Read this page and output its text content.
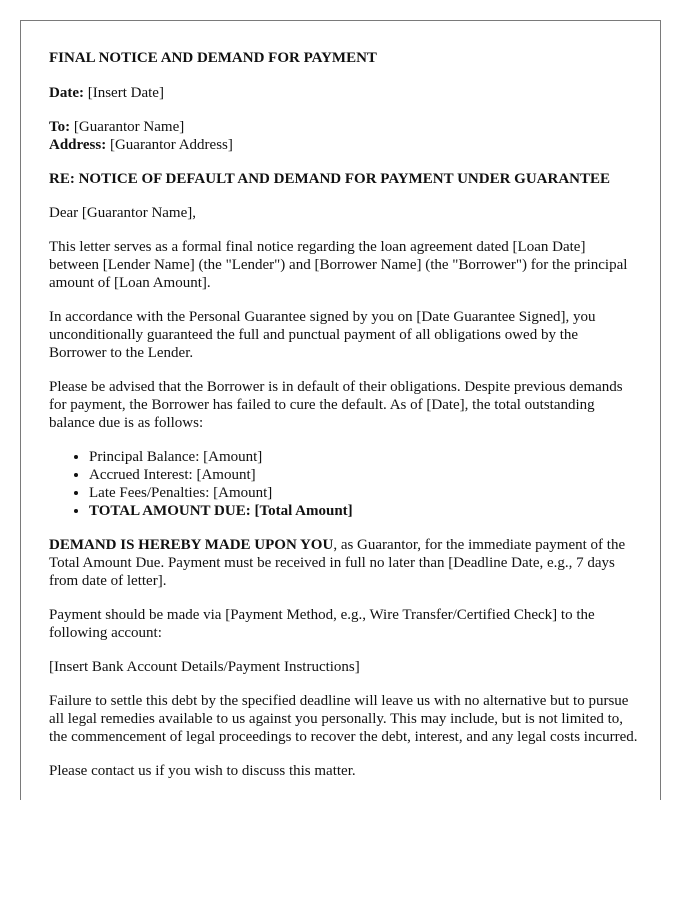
FINAL NOTICE AND DEMAND FOR PAYMENT

Date: [Insert Date]

To: [Guarantor Name]
Address: [Guarantor Address]

RE: NOTICE OF DEFAULT AND DEMAND FOR PAYMENT UNDER GUARANTEE

Dear [Guarantor Name],

This letter serves as a formal final notice regarding the loan agreement dated [Loan Date] between [Lender Name] (the "Lender") and [Borrower Name] (the "Borrower") for the principal amount of [Loan Amount].

In accordance with the Personal Guarantee signed by you on [Date Guarantee Signed], you unconditionally guaranteed the full and punctual payment of all obligations owed by the Borrower to the Lender.

Please be advised that the Borrower is in default of their obligations. Despite previous demands for payment, the Borrower has failed to cure the default. As of [Date], the total outstanding balance due is as follows:

• Principal Balance: [Amount]
• Accrued Interest: [Amount]
• Late Fees/Penalties: [Amount]
• TOTAL AMOUNT DUE: [Total Amount]

DEMAND IS HEREBY MADE UPON YOU, as Guarantor, for the immediate payment of the Total Amount Due. Payment must be received in full no later than [Deadline Date, e.g., 7 days from date of letter].

Payment should be made via [Payment Method, e.g., Wire Transfer/Certified Check] to the following account:

[Insert Bank Account Details/Payment Instructions]

Failure to settle this debt by the specified deadline will leave us with no alternative but to pursue all legal remedies available to us against you personally. This may include, but is not limited to, the commencement of legal proceedings to recover the debt, interest, and any legal costs incurred.

Please contact us if you wish to discuss this matter.
